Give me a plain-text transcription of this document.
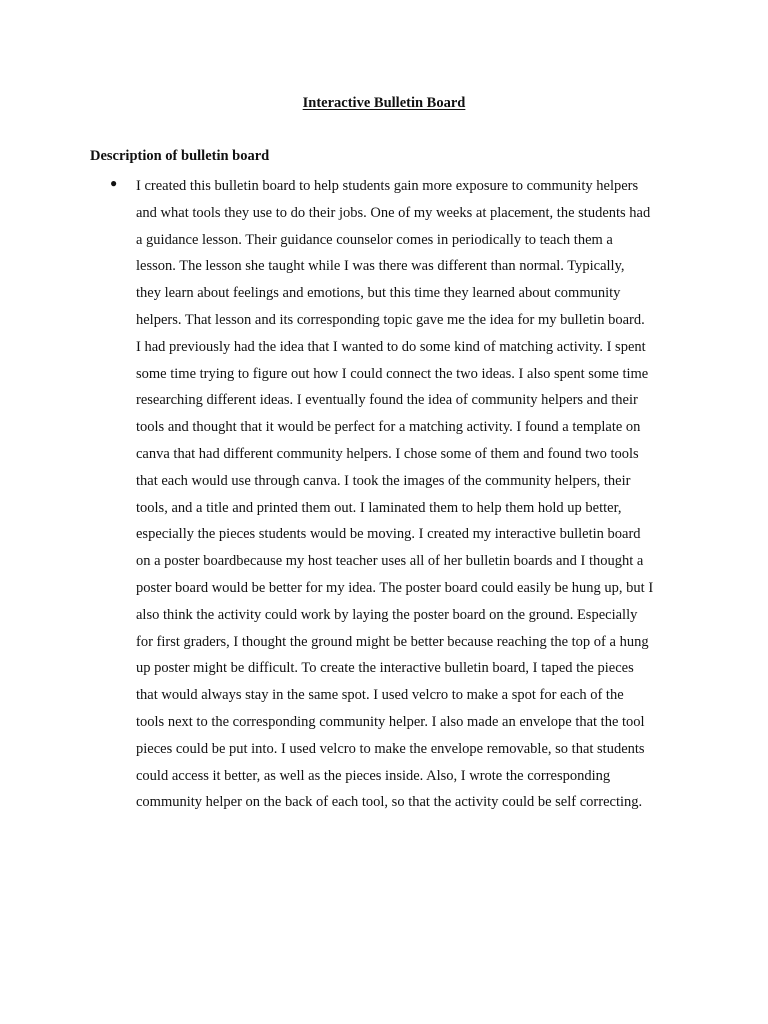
Interactive Bulletin Board
Description of bulletin board
● I created this bulletin board to help students gain more exposure to community helpers
and what tools they use to do their jobs. One of my weeks at placement, the students had
a guidance lesson. Their guidance counselor comes in periodically to teach them a
lesson. The lesson she taught while I was there was different than normal. Typically,
they learn about feelings and emotions, but this time they learned about community
helpers. That lesson and its corresponding topic gave me the idea for my bulletin board.
I had previously had the idea that I wanted to do some kind of matching activity. I spent
some time trying to figure out how I could connect the two ideas. I also spent some time
researching different ideas. I eventually found the idea of community helpers and their
tools and thought that it would be perfect for a matching activity. I found a template on
canva that had different community helpers. I chose some of them and found two tools
that each would use through canva. I took the images of the community helpers, their
tools, and a title and printed them out. I laminated them to help them hold up better,
especially the pieces students would be moving. I created my interactive bulletin board
on a poster boardbecause my host teacher uses all of her bulletin boards and I thought a
poster board would be better for my idea. The poster board could easily be hung up, but I
also think the activity could work by laying the poster board on the ground. Especially
for first graders, I thought the ground might be better because reaching the top of a hung
up poster might be difficult. To create the interactive bulletin board, I taped the pieces
that would always stay in the same spot. I used velcro to make a spot for each of the
tools next to the corresponding community helper. I also made an envelope that the tool
pieces could be put into. I used velcro to make the envelope removable, so that students
could access it better, as well as the pieces inside. Also, I wrote the corresponding
community helper on the back of each tool, so that the activity could be self correcting.
